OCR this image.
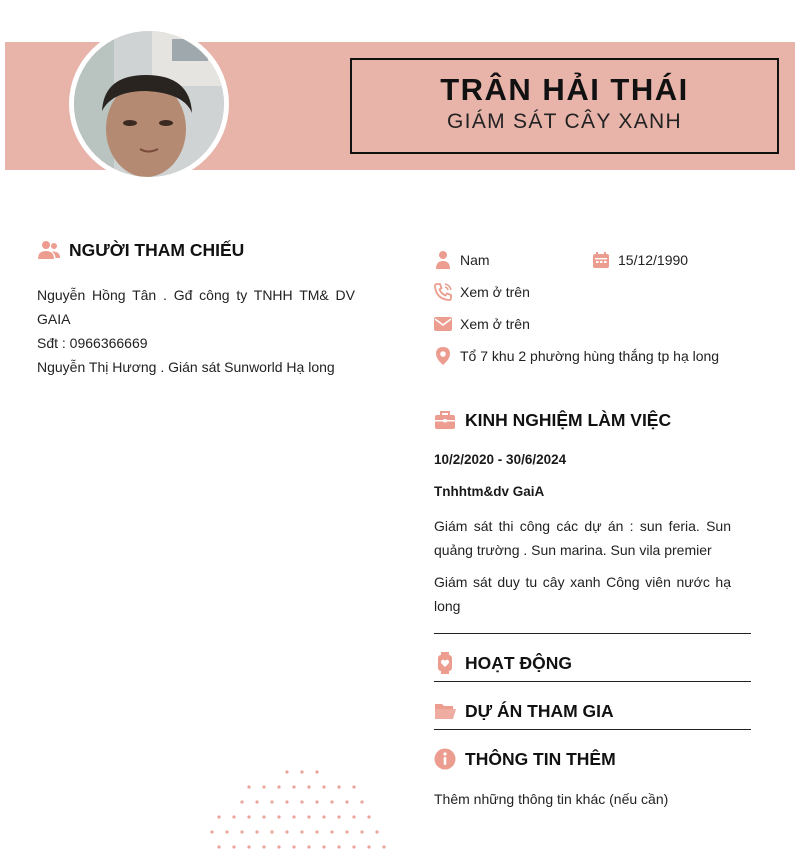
TRÂN HẢI THÁI
GIÁM SÁT CÂY XANH
NGƯỜI THAM CHIẾU

Nguyễn Hồng Tân . Gđ công ty TNHH TM& DV GAIA

Sđt : 0966366669

Nguyễn Thị Hương . Gián sát Sunworld Hạ long

Nam	15/12/1990
Xem ở trên
Xem ở trên
Tổ 7 khu 2 phường hùng thắng tp hạ long
KINH NGHIỆM LÀM VIỆC
10/2/2020 - 30/6/2024
Tnhhtm&dv GaiA
Giám sát thi công các dự án : sun feria. Sun quảng trường . Sun marina. Sun vila premier
Giám sát duy tu cây xanh Công viên nước hạ long
HOẠT ĐỘNG
DỰ ÁN THAM GIA
THÔNG TIN THÊM
Thêm những thông tin khác (nếu cần)
